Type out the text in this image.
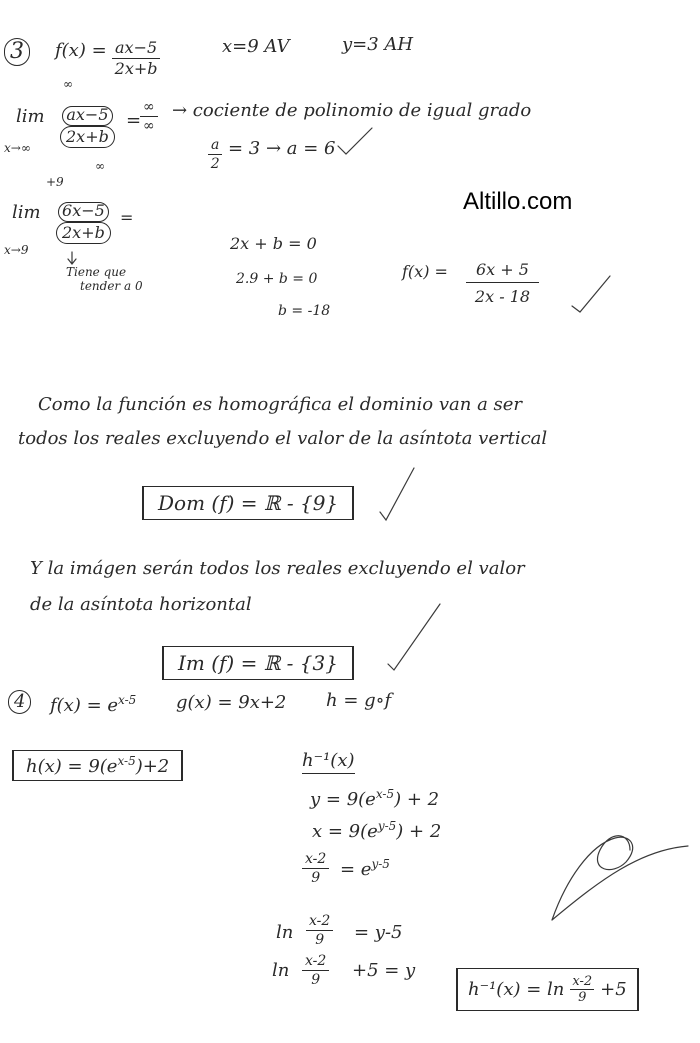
3	$f(x) = \frac{ax-5}{2x+b}$	x=9 AV	y=3 AH
∞
lim
$x\to\infty \frac{ax-5}{2x+b}$
∞
=
∞
∞
→ cociente de polinomio de igual grado
$\frac{a}{2} = 3 \to a = 6$
Altillo.com
+9
lim
x→9
$\frac{6x-5}{2x+b}$ =
Tiene que
tender a 0
2x + b = 0
2.9 + b = 0
b = -18
$f(x) = \frac{6x + 5}{2x - 18}$
Como la función es homográfica el dominio van a ser
todos los reales excluyendo el valor de la asíntota vertical
Dom (f) = ℝ - {9}
Y la imágen serán todos los reales excluyendo el valor
de la asíntota horizontal
Im (f) = ℝ - {3}
4	$f(x) = e^{x-5}$ g(x) = 9x+2 h = g∘f
$h(x) = 9(e^{x-5})+2$	h⁻¹(x)
$y = 9(e^{x-5}) + 2$
$x = 9(e^{y-5}) + 2$
$\frac{x-2}{9} = e^{y-5}$
$\ln \frac{x-2}{9} = y-5$
$\ln \frac{x-2}{9} +5 = y$
h⁻¹(x) = ln x-2
9 +5
